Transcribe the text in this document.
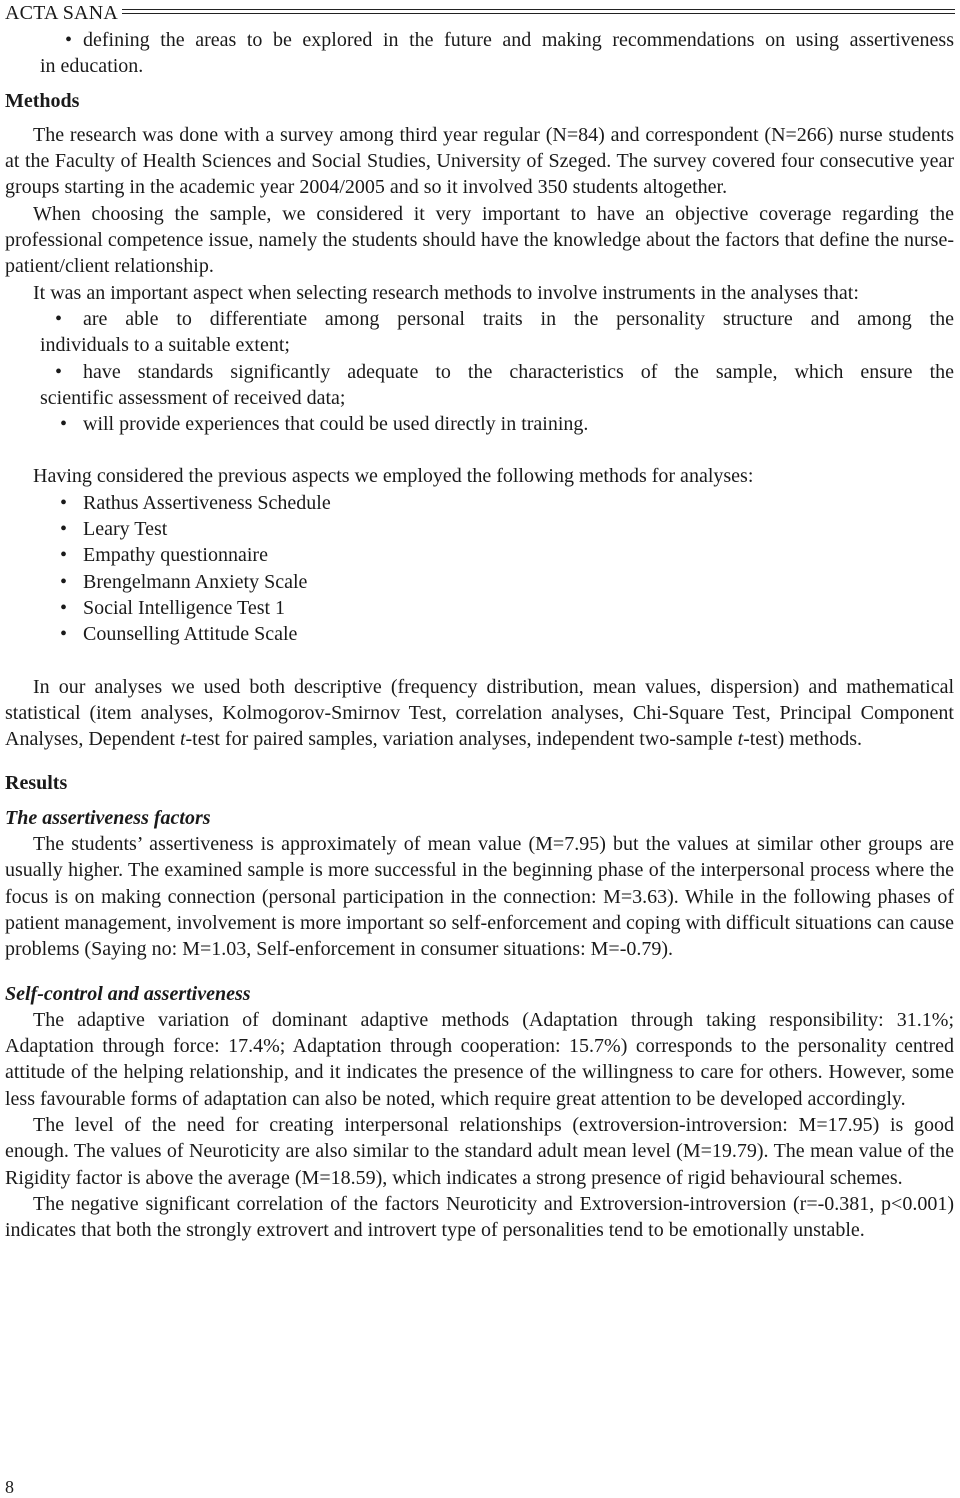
ACTA SANA

• defining the areas to be explored in the future and making recommendations on using assertiveness

in education.

Methods

The research was done with a survey among third year regular (N=84) and correspondent (N=266) nurse students at the Faculty of Health Sciences and Social Studies, University of Szeged. The survey covered four consecutive year groups starting in the academic year 2004/2005 and so it involved 350 students altogether.

When choosing the sample, we considered it very important to have an objective coverage regarding the professional competence issue, namely the students should have the knowledge about the factors that define the nurse-patient/client relationship.

It was an important aspect when selecting research methods to involve instruments in the analyses that:

• are able to differentiate among personal traits in the personality structure and among the

individuals to a suitable extent;

• have standards significantly adequate to the characteristics of the sample, which ensure the

scientific assessment of received data;

• will provide experiences that could be used directly in training.

Having considered the previous aspects we employed the following methods for analyses:

• Rathus Assertiveness Schedule

• Leary Test

• Empathy questionnaire

• Brengelmann Anxiety Scale

• Social Intelligence Test 1

• Counselling Attitude Scale

In our analyses we used both descriptive (frequency distribution, mean values, dispersion) and mathematical statistical (item analyses, Kolmogorov-Smirnov Test, correlation analyses, Chi-Square Test, Principal Component Analyses, Dependent t-test for paired samples, variation analyses, independent two-sample t-test) methods.

Results

The assertiveness factors

The students’ assertiveness is approximately of mean value (M=7.95) but the values at similar other groups are usually higher. The examined sample is more successful in the beginning phase of the interpersonal process where the focus is on making connection (personal participation in the connection: M=3.63). While in the following phases of patient management, involvement is more important so self-enforcement and coping with difficult situations can cause problems (Saying no: M=1.03, Self-enforcement in consumer situations: M=-0.79).

Self-control and assertiveness

The adaptive variation of dominant adaptive methods (Adaptation through taking responsibility: 31.1%; Adaptation through force: 17.4%; Adaptation through cooperation: 15.7%) corresponds to the personality centred attitude of the helping relationship, and it indicates the presence of the willingness to care for others. However, some less favourable forms of adaptation can also be noted, which require great attention to be developed accordingly.

The level of the need for creating interpersonal relationships (extroversion-introversion: M=17.95) is good enough. The values of Neuroticity are also similar to the standard adult mean level (M=19.79). The mean value of the Rigidity factor is above the average (M=18.59), which indicates a strong presence of rigid behavioural schemes.

The negative significant correlation of the factors Neuroticity and Extroversion-introversion (r=-0.381, p<0.001) indicates that both the strongly extrovert and introvert type of personalities tend to be emotionally unstable.

8
